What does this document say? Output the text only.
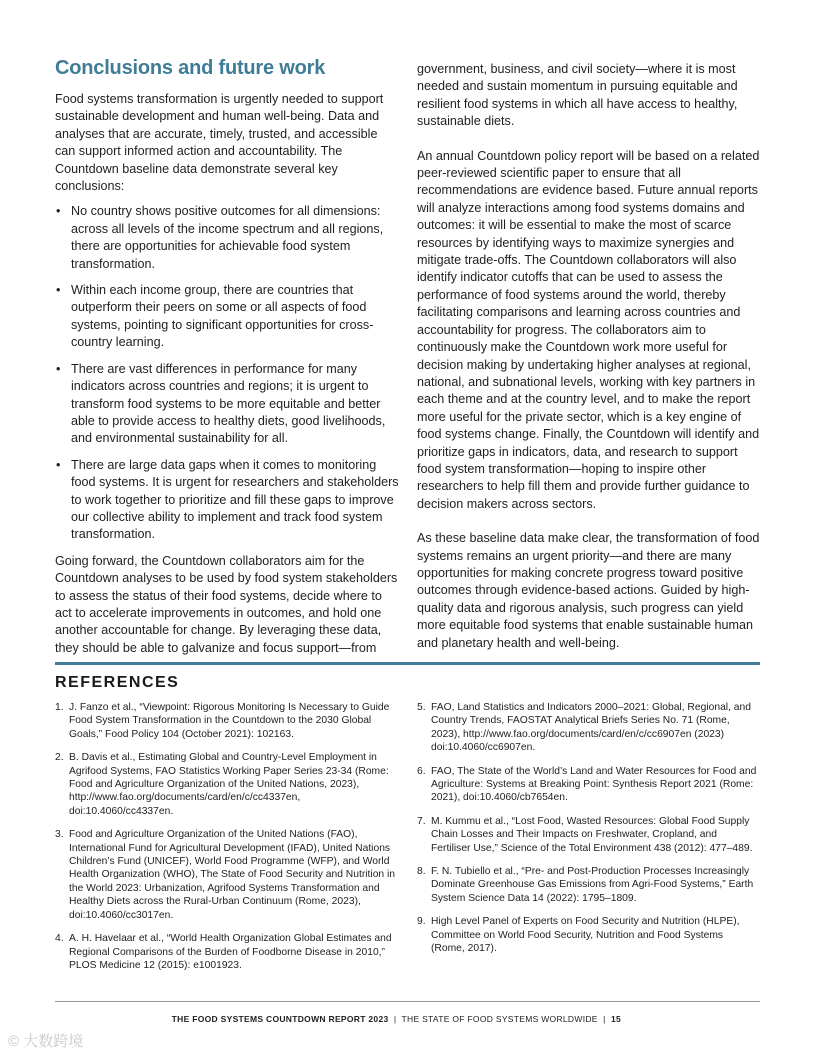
Conclusions and future work

Food systems transformation is urgently needed to support sustainable development and human well-being. Data and analyses that are accurate, timely, trusted, and accessible can support informed action and accountability. The Countdown baseline data demonstrate several key conclusions:

• No country shows positive outcomes for all dimensions: across all levels of the income spectrum and all regions, there are opportunities for achievable food system transformation.
• Within each income group, there are countries that outperform their peers on some or all aspects of food systems, pointing to significant opportunities for cross-country learning.
• There are vast differences in performance for many indicators across countries and regions; it is urgent to transform food systems to be more equitable and better able to provide access to healthy diets, good livelihoods, and environmental sustainability for all.
• There are large data gaps when it comes to monitoring food systems. It is urgent for researchers and stakeholders to work together to prioritize and fill these gaps to improve our collective ability to implement and track food system transformation.

Going forward, the Countdown collaborators aim for the Countdown analyses to be used by food system stakeholders to assess the status of their food systems, decide where to act to accelerate improvements in outcomes, and hold one another accountable for change. By leveraging these data, they should be able to galvanize and focus support—from

government, business, and civil society—where it is most needed and sustain momentum in pursuing equitable and resilient food systems in which all have access to healthy, sustainable diets.

An annual Countdown policy report will be based on a related peer-reviewed scientific paper to ensure that all recommendations are evidence based. Future annual reports will analyze interactions among food systems domains and outcomes: it will be essential to make the most of scarce resources by identifying ways to maximize synergies and mitigate trade-offs. The Countdown collaborators will also identify indicator cutoffs that can be used to assess the performance of food systems around the world, thereby facilitating comparisons and learning across countries and accountability for progress. The collaborators aim to continuously make the Countdown work more useful for decision making by undertaking higher analyses at regional, national, and subnational levels, working with key partners in each theme and at the country level, and to make the report more useful for the private sector, which is a key engine of food systems change. Finally, the Countdown will identify and prioritize gaps in indicators, data, and research to support food system transformation—hoping to inspire other researchers to help fill them and provide further guidance to decision makers across sectors.

As these baseline data make clear, the transformation of food systems remains an urgent priority—and there are many opportunities for making concrete progress toward positive outcomes through evidence-based actions. Guided by high-quality data and rigorous analysis, such progress can yield more equitable food systems that enable sustainable human and planetary health and well-being.

REFERENCES
1. J. Fanzo et al., “Viewpoint: Rigorous Monitoring Is Necessary to Guide Food System Transformation in the Countdown to the 2030 Global Goals,” Food Policy 104 (October 2021): 102163.
2. B. Davis et al., Estimating Global and Country-Level Employment in Agrifood Systems, FAO Statistics Working Paper Series 23-34 (Rome: Food and Agriculture Organization of the United Nations, 2023), http://www.fao.org/documents/card/en/c/cc4337en, doi:10.4060/cc4337en.
3. Food and Agriculture Organization of the United Nations (FAO), International Fund for Agricultural Development (IFAD), United Nations Children’s Fund (UNICEF), World Food Programme (WFP), and World Health Organization (WHO), The State of Food Security and Nutrition in the World 2023: Urbanization, Agrifood Systems Transformation and Healthy Diets across the Rural-Urban Continuum (Rome, 2023), doi:10.4060/cc3017en.
4. A. H. Havelaar et al., “World Health Organization Global Estimates and Regional Comparisons of the Burden of Foodborne Disease in 2010,” PLOS Medicine 12 (2015): e1001923.
5. FAO, Land Statistics and Indicators 2000–2021: Global, Regional, and Country Trends, FAOSTAT Analytical Briefs Series No. 71 (Rome, 2023), http://www.fao.org/documents/card/en/c/cc6907en (2023) doi:10.4060/cc6907en.
6. FAO, The State of the World’s Land and Water Resources for Food and Agriculture: Systems at Breaking Point: Synthesis Report 2021 (Rome: 2021), doi:10.4060/cb7654en.
7. M. Kummu et al., “Lost Food, Wasted Resources: Global Food Supply Chain Losses and Their Impacts on Freshwater, Cropland, and Fertiliser Use,” Science of the Total Environment 438 (2012): 477–489.
8. F. N. Tubiello et al., “Pre- and Post-Production Processes Increasingly Dominate Greenhouse Gas Emissions from Agri-Food Systems,” Earth System Science Data 14 (2022): 1795–1809.
9. High Level Panel of Experts on Food Security and Nutrition (HLPE), Committee on World Food Security, Nutrition and Food Systems (Rome, 2017).
THE FOOD SYSTEMS COUNTDOWN REPORT 2023 | THE STATE OF FOOD SYSTEMS WORLDWIDE | 15
© 大数跨境
